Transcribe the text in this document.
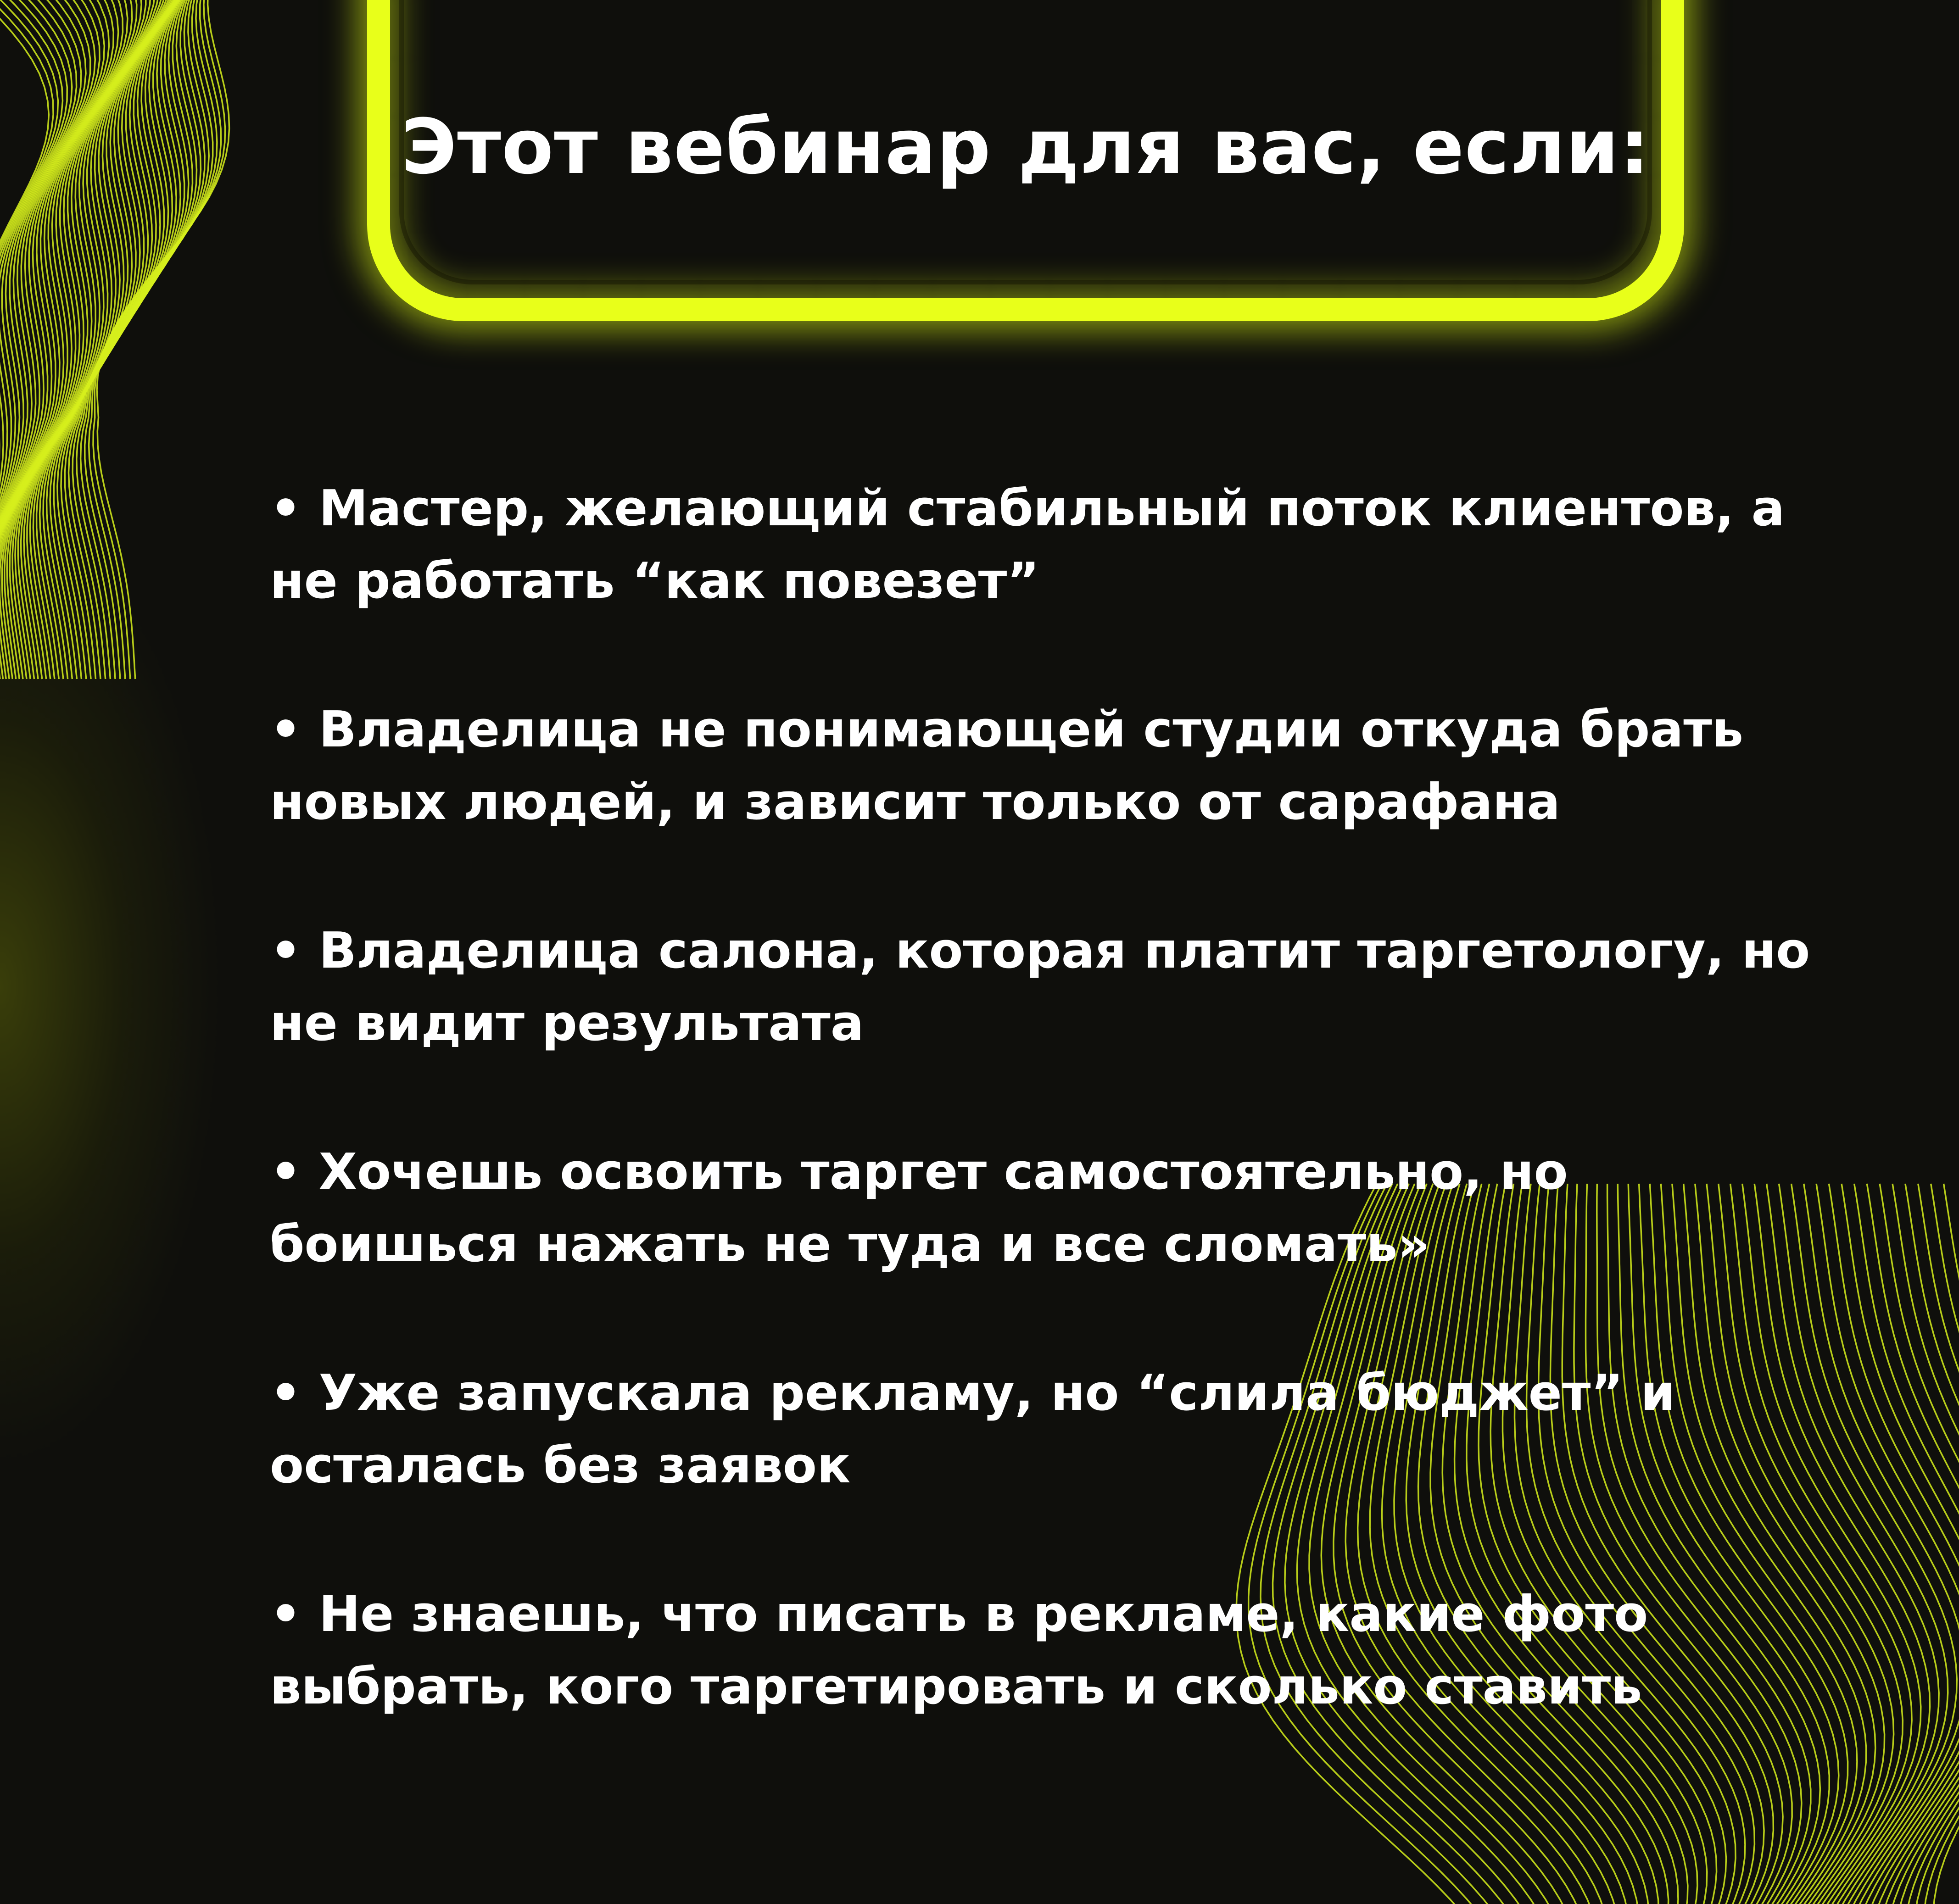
Этот вебинар для вас, если:
• Мастер, желающий стабильный поток клиентов, а
не работать “как повезет”
• Владелица не понимающей студии откуда брать
новых людей, и зависит только от сарафана
• Владелица салона, которая платит таргетологу, но
не видит результата
• Хочешь освоить таргет самостоятельно, но
боишься нажать не туда и все сломать»
• Уже запускала рекламу, но “слила бюджет” и
осталась без заявок
• Не знаешь, что писать в рекламе, какие фото
выбрать, кого таргетировать и сколько ставить
